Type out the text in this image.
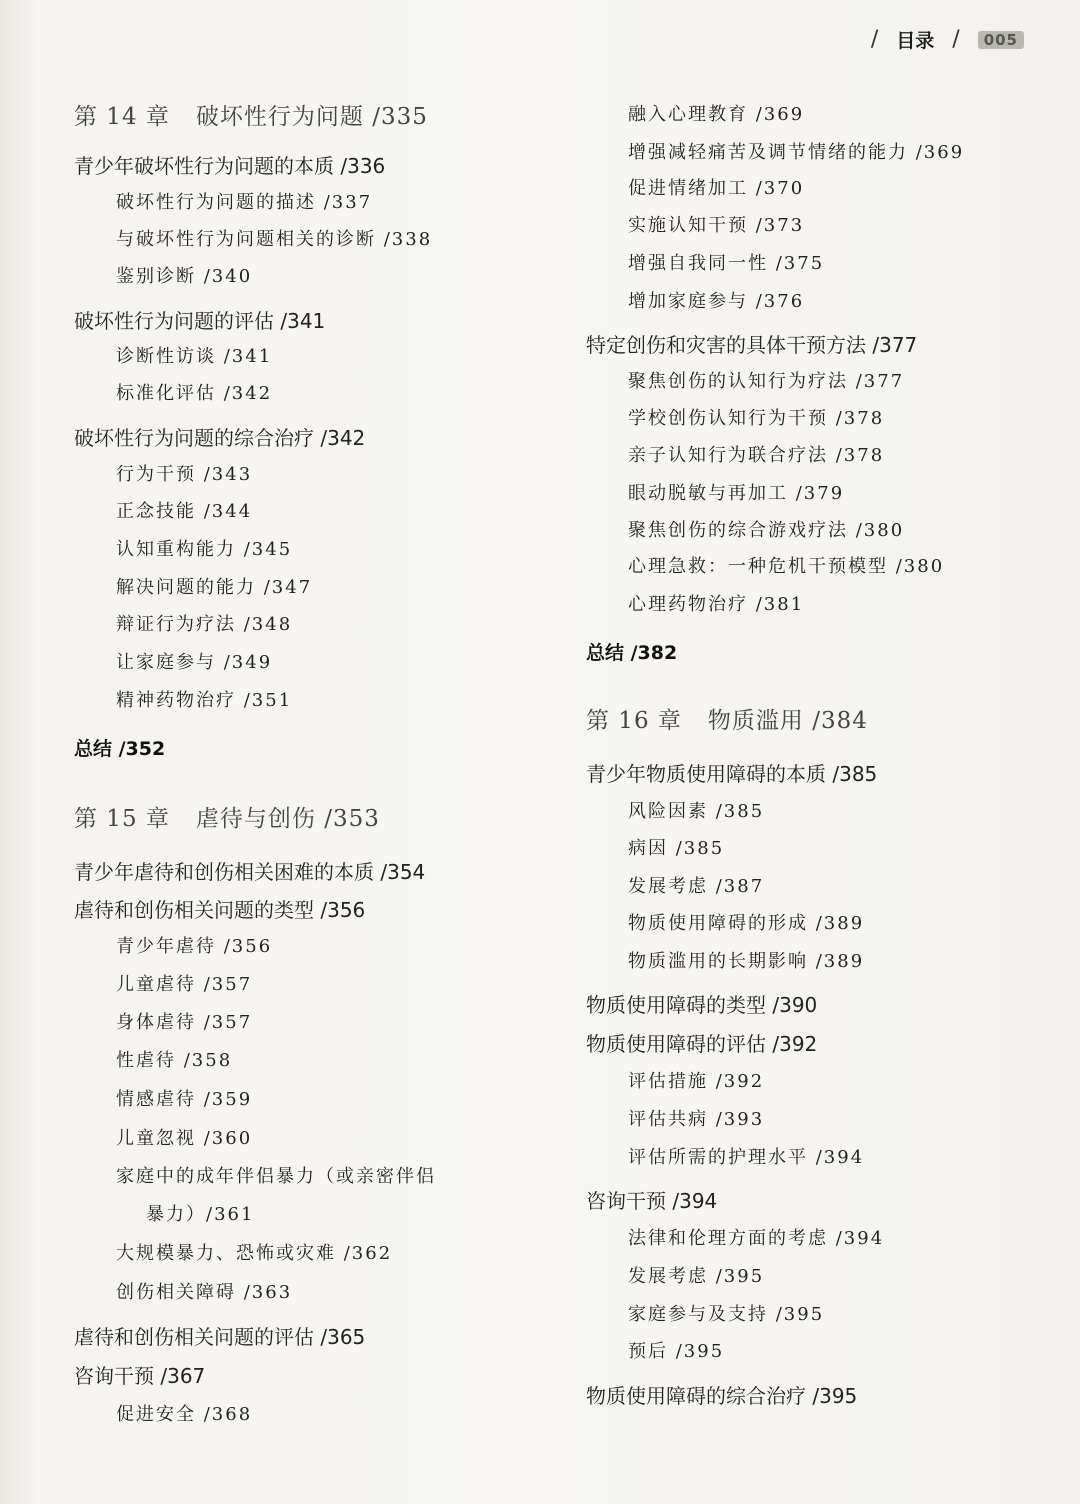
/ 目录 /	005
第 14 章 破坏性行为问题 /335
青少年破坏性行为问题的本质 /336
破坏性行为问题的描述 /337
与破坏性行为问题相关的诊断 /338
鉴别诊断 /340
破坏性行为问题的评估 /341
诊断性访谈 /341
标准化评估 /342
破坏性行为问题的综合治疗 /342
行为干预 /343
正念技能 /344
认知重构能力 /345
解决问题的能力 /347
辩证行为疗法 /348
让家庭参与 /349
精神药物治疗 /351
总结 /352
第 15 章 虐待与创伤 /353
青少年虐待和创伤相关困难的本质 /354
虐待和创伤相关问题的类型 /356
青少年虐待 /356
儿童虐待 /357
身体虐待 /357
性虐待 /358
情感虐待 /359
儿童忽视 /360
家庭中的成年伴侣暴力（或亲密伴侣
暴力）/361
大规模暴力、恐怖或灾难 /362
创伤相关障碍 /363
虐待和创伤相关问题的评估 /365
咨询干预 /367
促进安全 /368
融入心理教育 /369
增强减轻痛苦及调节情绪的能力 /369
促进情绪加工 /370
实施认知干预 /373
增强自我同一性 /375
增加家庭参与 /376
特定创伤和灾害的具体干预方法 /377
聚焦创伤的认知行为疗法 /377
学校创伤认知行为干预 /378
亲子认知行为联合疗法 /378
眼动脱敏与再加工 /379
聚焦创伤的综合游戏疗法 /380
心理急救：一种危机干预模型 /380
心理药物治疗 /381
总结 /382
第 16 章 物质滥用 /384
青少年物质使用障碍的本质 /385
风险因素 /385
病因 /385
发展考虑 /387
物质使用障碍的形成 /389
物质滥用的长期影响 /389
物质使用障碍的类型 /390
物质使用障碍的评估 /392
评估措施 /392
评估共病 /393
评估所需的护理水平 /394
咨询干预 /394
法律和伦理方面的考虑 /394
发展考虑 /395
家庭参与及支持 /395
预后 /395
物质使用障碍的综合治疗 /395
